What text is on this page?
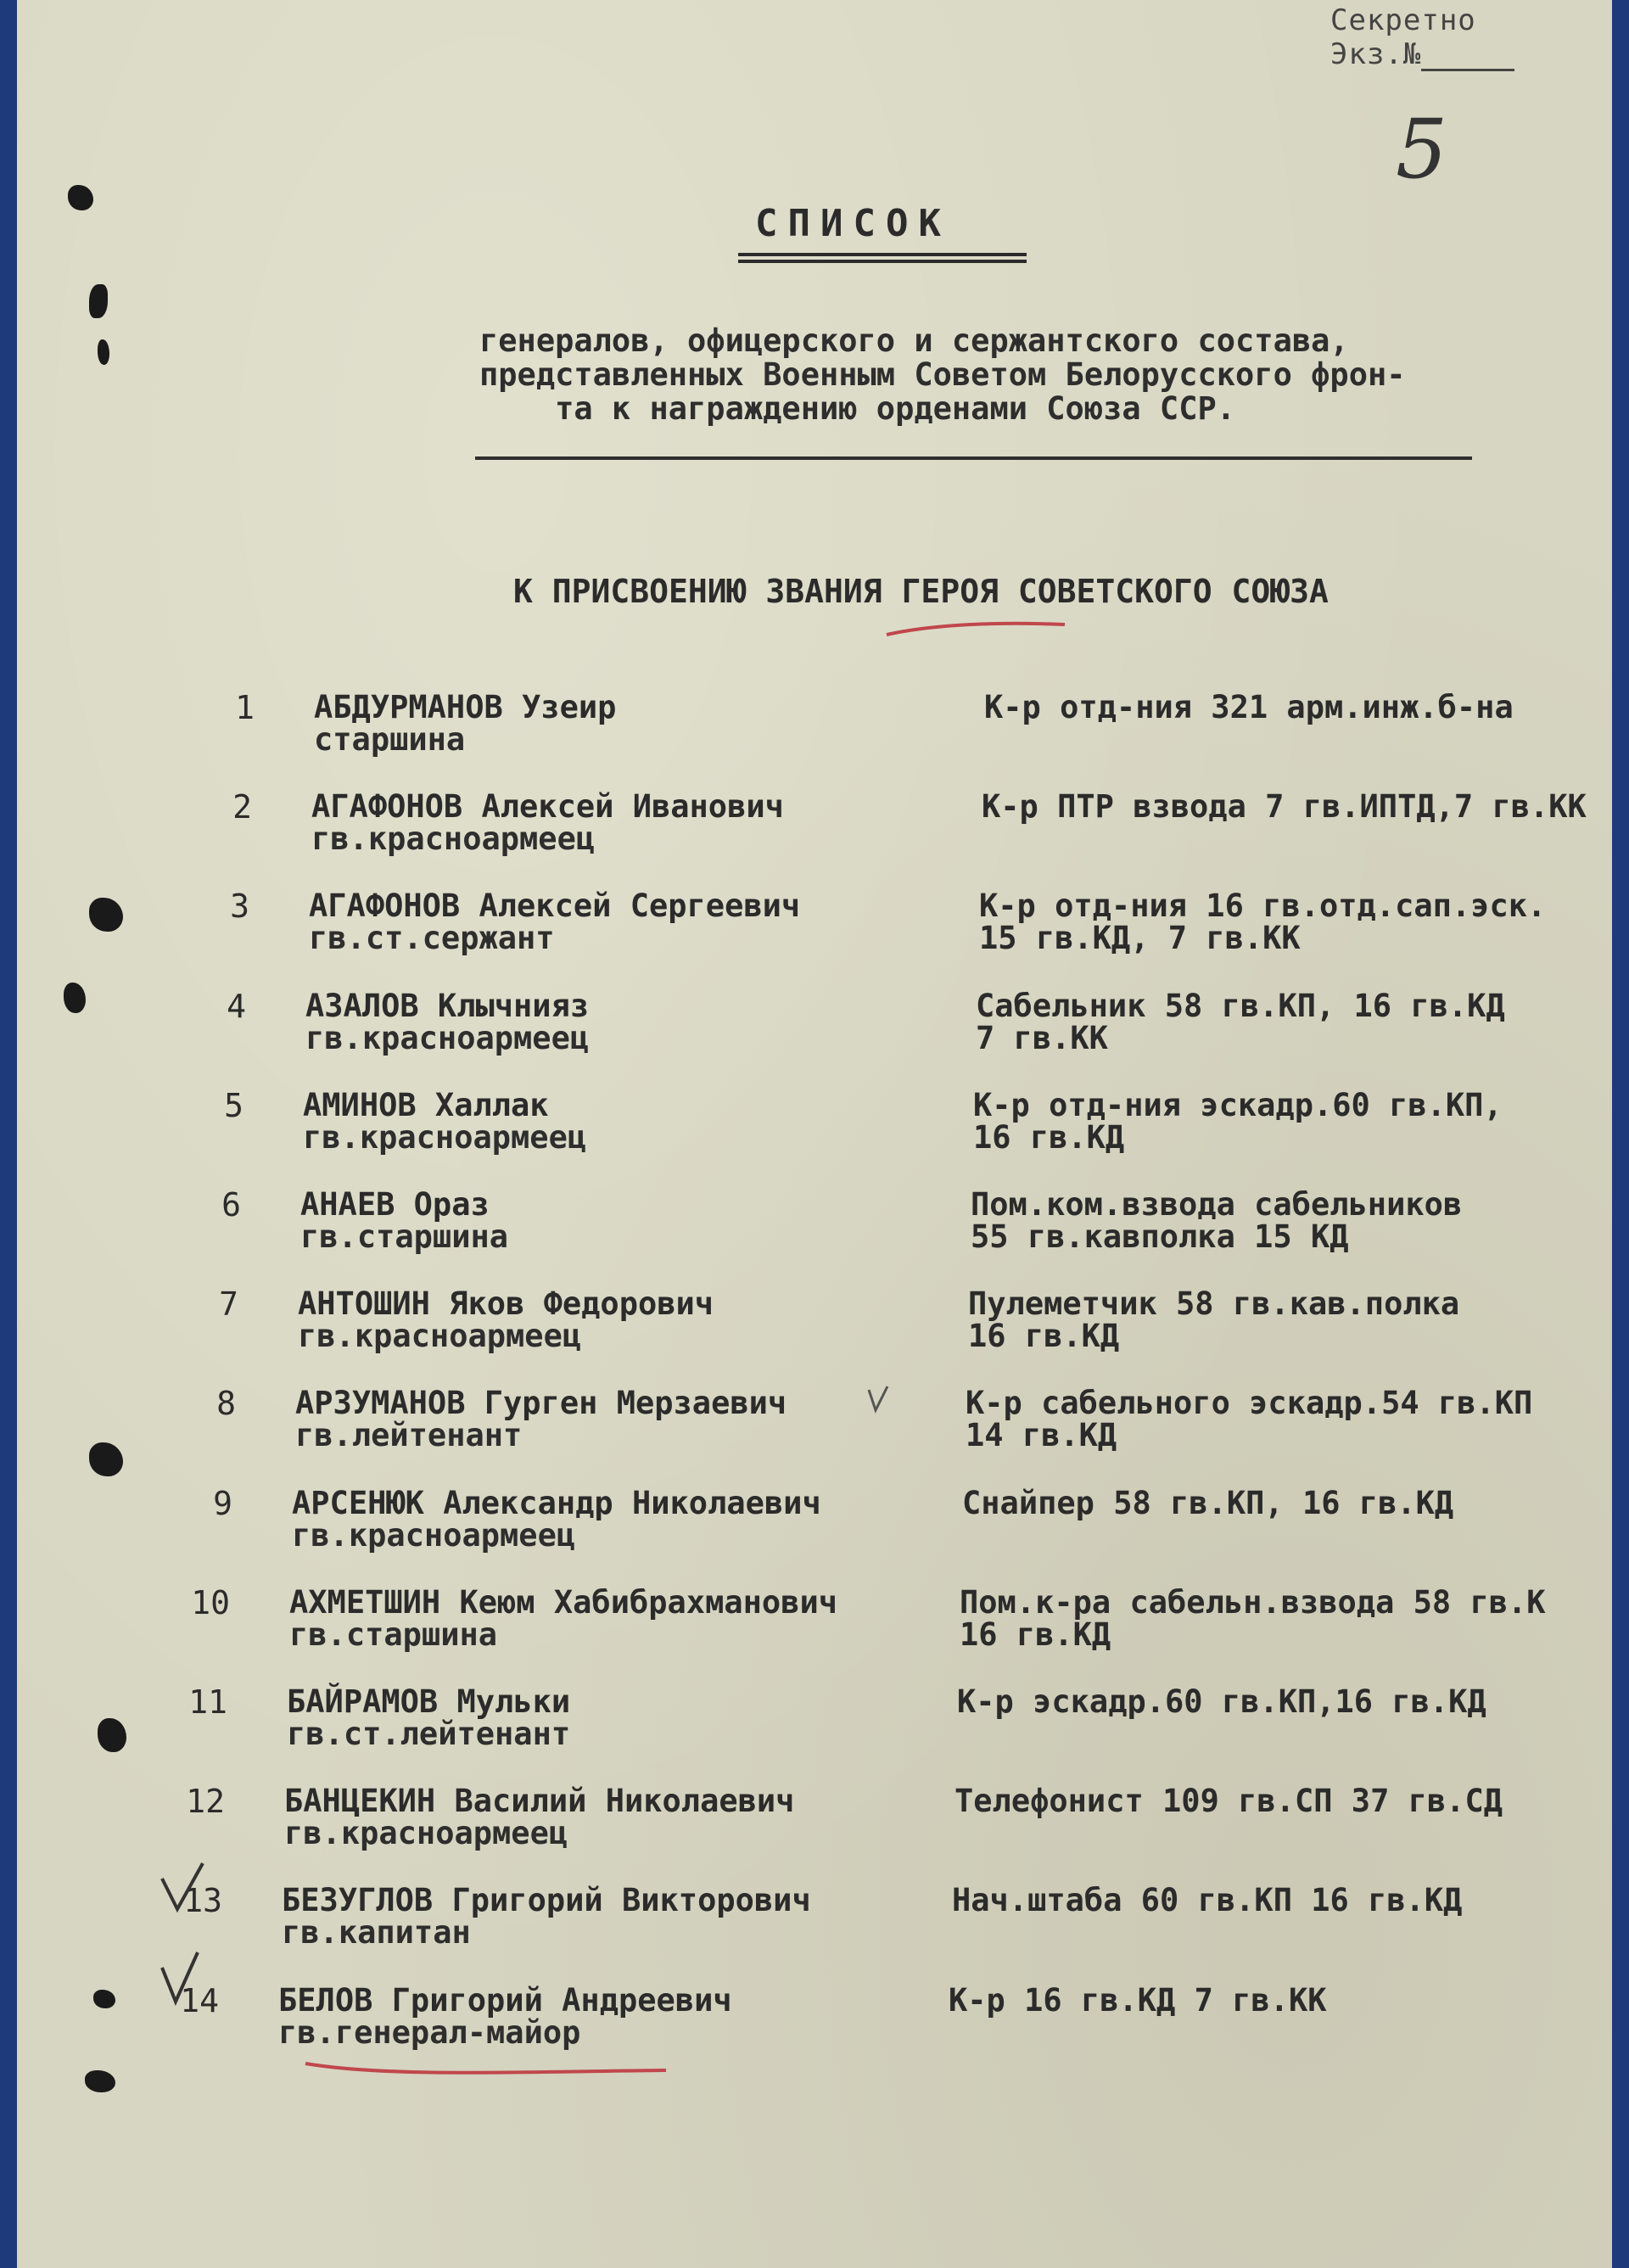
Секретно
Экз.№
5
СПИСОК
генералов, офицерского и сержантского состава,
представленных Военным Советом Белорусского фрон-
та к награждению орденами Союза ССР.
К ПРИСВОЕНИЮ ЗВАНИЯ ГЕРОЯ СОВЕТСКОГО СОЮЗА
1 АБДУРМАНОВ Узеир
старшина
К-р отд-ния 321 арм.инж.б-на
2 АГАФОНОВ Алексей Иванович
гв.красноармеец
К-р ПТР взвода 7 гв.ИПТД,7 гв.КК
3 АГАФОНОВ Алексей Сергеевич
гв.ст.сержант
К-р отд-ния 16 гв.отд.сап.эск.
15 гв.КД, 7 гв.КК
4 АЗАЛОВ Клычнияз
гв.красноармеец
Сабельник 58 гв.КП, 16 гв.КД
7 гв.КК
5 АМИНОВ Халлак
гв.красноармеец
К-р отд-ния эскадр.60 гв.КП,
16 гв.КД
6 АНАЕВ Ораз
гв.старшина
Пом.ком.взвода сабельников
55 гв.кавполка 15 КД
7 АНТОШИН Яков Федорович
гв.красноармеец
Пулеметчик 58 гв.кав.полка
16 гв.КД
8 АРЗУМАНОВ Гурген Мерзаевич
гв.лейтенант
К-р сабельного эскадр.54 гв.КП
14 гв.КД
9 АРСЕНЮК Александр Николаевич
гв.красноармеец
Снайпер 58 гв.КП, 16 гв.КД
10 АХМЕТШИН Кеюм Хабибрахманович
гв.старшина
Пом.к-ра сабельн.взвода 58 гв.К
16 гв.КД
11 БАЙРАМОВ Мульки
гв.ст.лейтенант
К-р эскадр.60 гв.КП,16 гв.КД
12 БАНЦЕКИН Василий Николаевич
гв.красноармеец
Телефонист 109 гв.СП 37 гв.СД
13 БЕЗУГЛОВ Григорий Викторович
гв.капитан
Нач.штаба 60 гв.КП 16 гв.КД
14 БЕЛОВ Григорий Андреевич
гв.генерал-майор
К-р 16 гв.КД 7 гв.КК
